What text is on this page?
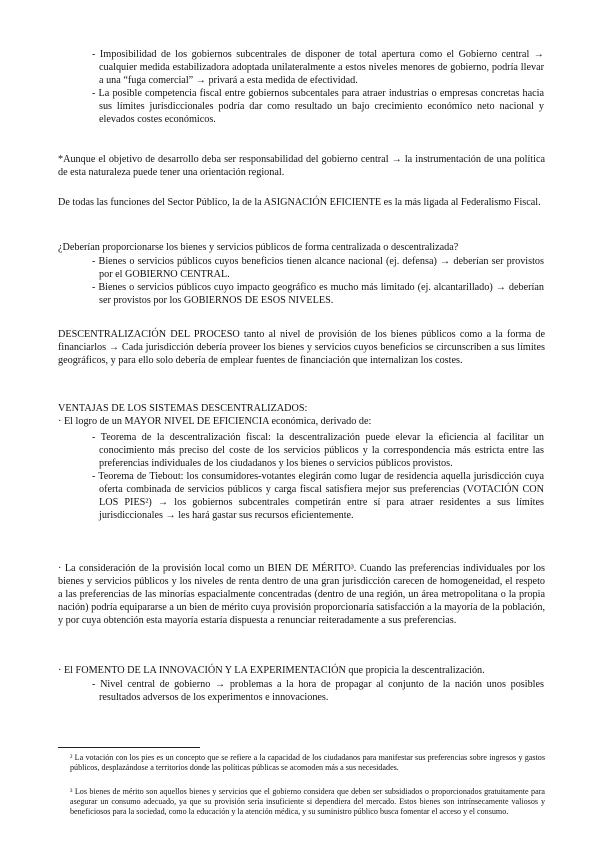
- Imposibilidad de los gobiernos subcentrales de disponer de total apertura como el Gobierno central → cualquier medida estabilizadora adoptada unilateralmente a estos niveles menores de gobierno, podría llevar a una “fuga comercial” → privará a esta medida de efectividad.

- La posible competencia fiscal entre gobiernos subcentales para atraer industrias o empresas concretas hacia sus límites jurisdiccionales podría dar como resultado un bajo crecimiento económico neto nacional y elevados costes económicos.

*Aunque el objetivo de desarrollo deba ser responsabilidad del gobierno central → la instrumentación de una política de esta naturaleza puede tener una orientación regional.

De todas las funciones del Sector Público, la de la ASIGNACIÓN EFICIENTE es la más ligada al Federalismo Fiscal.

¿Deberían proporcionarse los bienes y servicios públicos de forma centralizada o descentralizada?

- Bienes o servicios públicos cuyos beneficios tienen alcance nacional (ej. defensa) → deberían ser provistos por el GOBIERNO CENTRAL.

- Bienes o servicios públicos cuyo impacto geográfico es mucho más limitado (ej. alcantarillado) → deberían ser provistos por los GOBIERNOS DE ESOS NIVELES.

DESCENTRALIZACIÓN DEL PROCESO tanto al nivel de provisión de los bienes públicos como a la forma de financiarlos → Cada jurisdicción debería proveer los bienes y servicios cuyos beneficios se circunscriben a sus límites geográficos, y para ello solo debería de emplear fuentes de financiación que internalizan los costes.

VENTAJAS DE LOS SISTEMAS DESCENTRALIZADOS:

· El logro de un MAYOR NIVEL DE EFICIENCIA económica, derivado de:

- Teorema de la descentralización fiscal: la descentralización puede elevar la eficiencia al facilitar un conocimiento más preciso del coste de los servicios públicos y la correspondencia más estricta entre las preferencias individuales de los ciudadanos y los bienes o servicios públicos provistos.

- Teorema de Tiebout: los consumidores-votantes elegirán como lugar de residencia aquella jurisdicción cuya oferta combinada de servicios públicos y carga fiscal satisfiera mejor sus preferencias (VOTACIÓN CON LOS PIES²) → los gobiernos subcentrales competirán entre sí para atraer residentes a sus límites jurisdiccionales → les hará gastar sus recursos eficientemente.

· La consideración de la provisión local como un BIEN DE MÉRITO³. Cuando las preferencias individuales por los bienes y servicios públicos y los niveles de renta dentro de una gran jurisdicción carecen de homogeneidad, el respeto a las preferencias de las minorías espacialmente concentradas (dentro de una región, un área metropolitana o la propia nación) podría equipararse a un bien de mérito cuya provisión proporcionaría satisfacción a la mayoría de la población, y por cuya obtención esta mayoría estaría dispuesta a renunciar reiteradamente a sus preferencias.

· El FOMENTO DE LA INNOVACIÓN Y LA EXPERIMENTACIÓN que propicia la descentralización.

- Nivel central de gobierno → problemas a la hora de propagar al conjunto de la nación unos posibles resultados adversos de los experimentos e innovaciones.

² La votación con los pies es un concepto que se refiere a la capacidad de los ciudadanos para manifestar sus preferencias sobre ingresos y gastos públicos, desplazándose a territorios donde las políticas públicas se acomoden más a sus necesidades.

³ Los bienes de mérito son aquellos bienes y servicios que el gobierno considera que deben ser subsidiados o proporcionados gratuitamente para asegurar un consumo adecuado, ya que su provisión sería insuficiente si dependiera del mercado. Estos bienes son intrínsecamente valiosos y beneficiosos para la sociedad, como la educación y la atención médica, y su suministro público busca fomentar el acceso y el consumo.
